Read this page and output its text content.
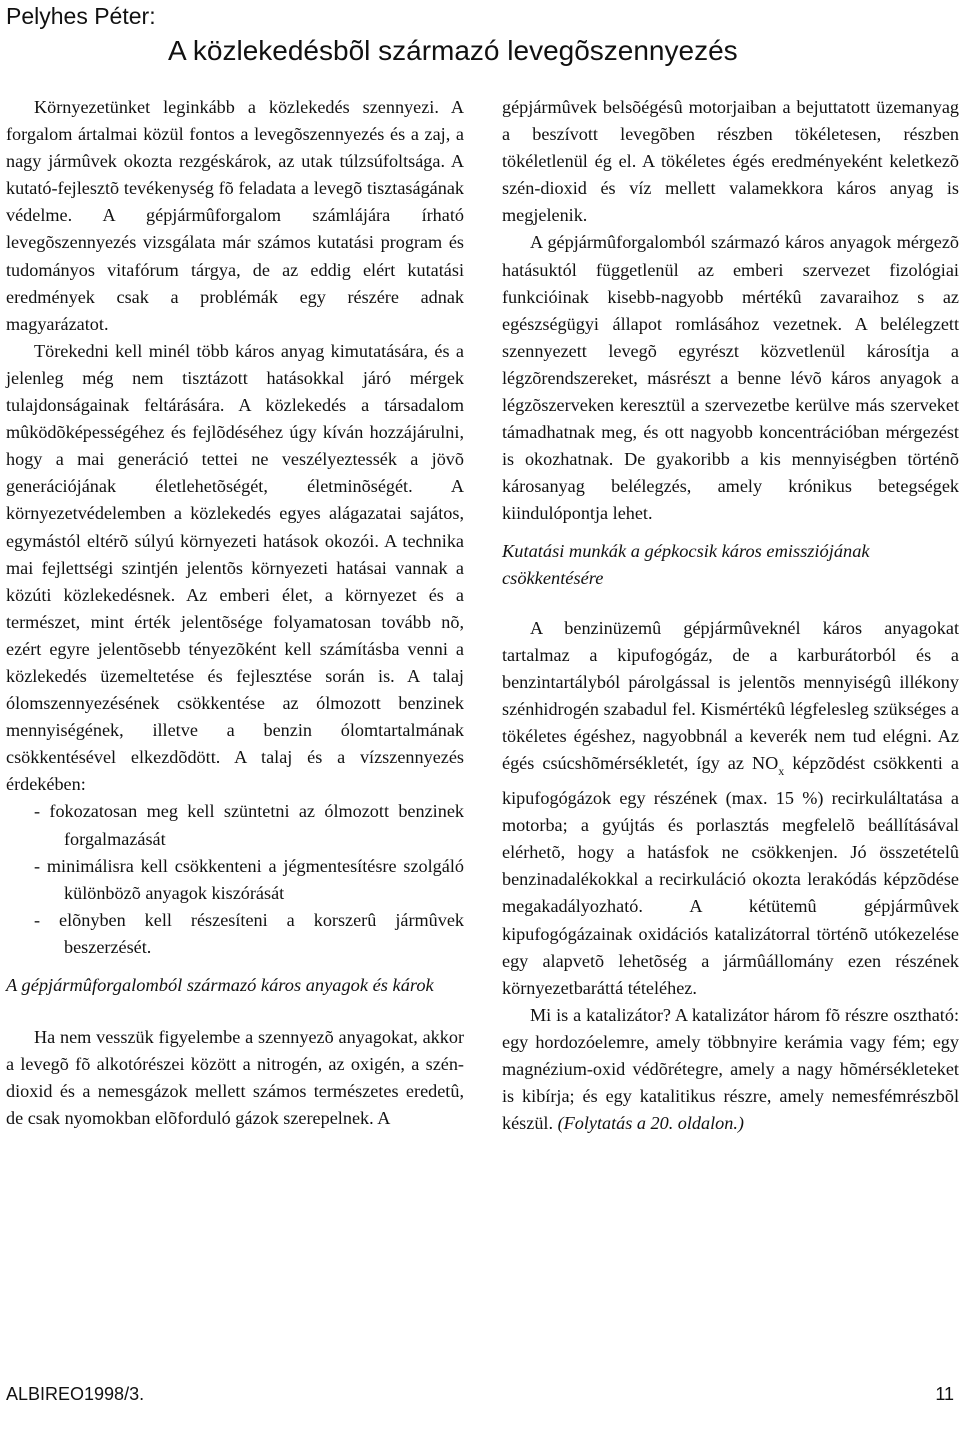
Pelyhes Péter:
A közlekedésbõl származó levegõszennyezés

Környezetünket leginkább a közlekedés szennyezi. A forgalom ártalmai közül fontos a levegõszennyezés és a zaj, a nagy jármûvek okozta rezgéskárok, az utak túlzsúfoltsága. A kutató-fejlesztõ tevékenység fõ feladata a levegõ tisztaságának védelme. A gépjármûforgalom számlájára írható levegõszennyezés vizsgálata már számos kutatási program és tudományos vitafórum tárgya, de az eddig elért kutatási eredmények csak a problémák egy részére adnak magyarázatot.

Törekedni kell minél több káros anyag kimutatására, és a jelenleg még nem tisztázott hatásokkal járó mérgek tulajdonságainak feltárására. A közlekedés a társadalom mûködõképességéhez és fejlõdéséhez úgy kíván hozzájárulni, hogy a mai generáció tettei ne veszélyeztessék a jövõ generációjának életlehetõségét, életminõségét. A környezetvédelemben a közlekedés egyes alágazatai sajátos, egymástól eltérõ súlyú környezeti hatások okozói. A technika mai fejlettségi szintjén jelentõs környezeti hatásai vannak a közúti közlekedésnek. Az emberi élet, a környezet és a természet, mint érték jelentõsége folyamatosan tovább nõ, ezért egyre jelentõsebb tényezõként kell számításba venni a közlekedés üzemeltetése és fejlesztése során is. A talaj ólomszennyezésének csökkentése az ólmozott benzinek mennyiségének, illetve a benzin ólomtartalmának csökkentésével elkezdõdött. A talaj és a vízszennyezés érdekében:

- fokozatosan meg kell szüntetni az ólmozott benzinek forgalmazását
- minimálisra kell csökkenteni a jégmentesítésre szolgáló különbözõ anyagok kiszórását
- elõnyben kell részesíteni a korszerû jármûvek beszerzését.
A gépjármûforgalomból származó káros anyagok és károk

Ha nem vesszük figyelembe a szennyezõ anyagokat, akkor a levegõ fõ alkotórészei között a nitrogén, az oxigén, a szén-dioxid és a nemesgázok mellett számos természetes eredetû, de csak nyomokban elõforduló gázok szerepelnek. A

gépjármûvek belsõégésû motorjaiban a bejuttatott üzemanyag a beszívott levegõben részben tökéletesen, részben tökéletlenül ég el. A tökéletes égés eredményeként keletkezõ szén-dioxid és víz mellett valamekkora káros anyag is megjelenik.

A gépjármûforgalomból származó káros anyagok mérgezõ hatásuktól függetlenül az emberi szervezet fizológiai funkcióinak kisebb-nagyobb mértékû zavaraihoz s az egészségügyi állapot romlásához vezetnek. A belélegzett szennyezett levegõ egyrészt közvetlenül károsítja a légzõrendszereket, másrészt a benne lévõ káros anyagok a légzõszerveken keresztül a szervezetbe kerülve más szerveket támadhatnak meg, és ott nagyobb koncentrációban mérgezést is okozhatnak. De gyakoribb a kis mennyiségben történõ károsanyag belélegzés, amely krónikus betegségek kiindulópontja lehet.

Kutatási munkák a gépkocsik káros emissziójának csökkentésére

A benzinüzemû gépjármûveknél káros anyagokat tartalmaz a kipufogógáz, de a karburátorból és a benzintartályból párolgással is jelentõs mennyiségû illékony szénhidrogén szabadul fel. Kismértékû légfelesleg szükséges a tökéletes égéshez, nagyobbnál a keverék nem tud elégni. Az égés csúcshõmérsékletét, így az $NO_x$ képzõdést csökkenti a kipufogógázok egy részének (max. 15 %) recirkuláltatása a motorba; a gyújtás és porlasztás megfelelõ beállításával elérhetõ, hogy a hatásfok ne csökkenjen. Jó összetételû benzinadalékokkal a recirkuláció okozta lerakódás képzõdése megakadályozható. A kétütemû gépjármûvek kipufogógázainak oxidációs katalizátorral történõ utókezelése egy alapvetõ lehetõség a jármûállomány ezen részének környezetbaráttá tételéhez.

Mi is a katalizátor? A katalizátor három fõ részre osztható: egy hordozóelemre, amely többnyire kerámia vagy fém; egy magnézium-oxid védõrétegre, amely a nagy hõmérsékleteket is kibírja; és egy katalitikus részre, amely nemesfémrészbõl készül. (Folytatás a 20. oldalon.)

ALBIREO1998/3.	11
